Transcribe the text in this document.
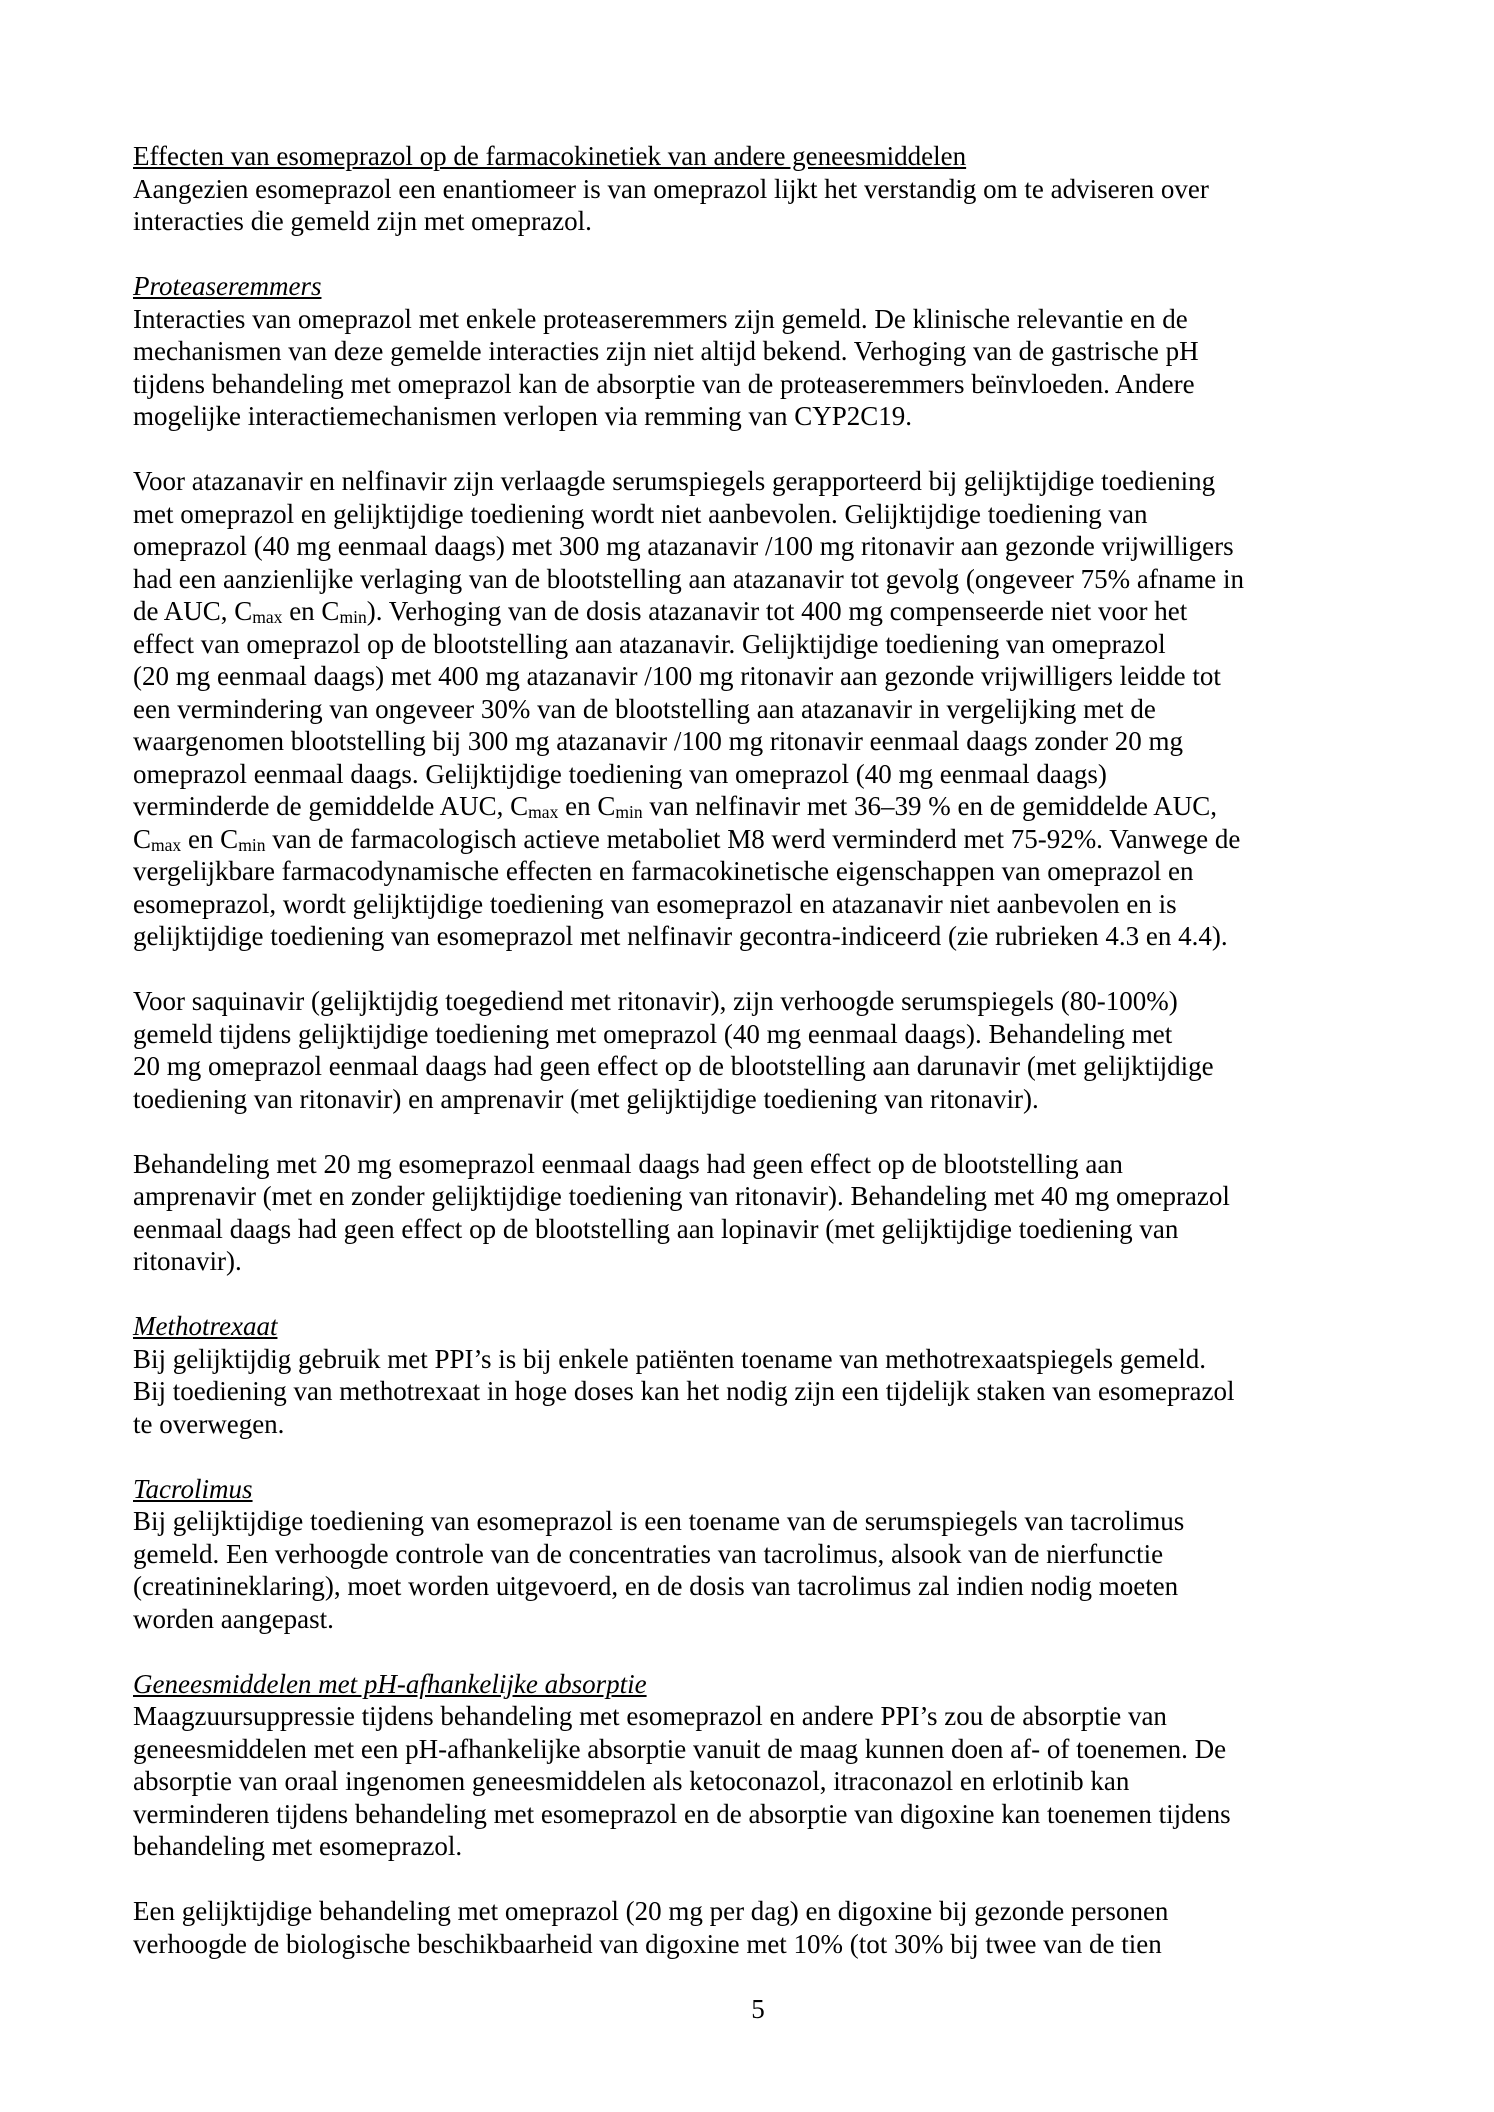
Effecten van esomeprazol op de farmacokinetiek van andere geneesmiddelen
Aangezien esomeprazol een enantiomeer is van omeprazol lijkt het verstandig om te adviseren over
interacties die gemeld zijn met omeprazol.
Proteaseremmers
Interacties van omeprazol met enkele proteaseremmers zijn gemeld. De klinische relevantie en de
mechanismen van deze gemelde interacties zijn niet altijd bekend. Verhoging van de gastrische pH
tijdens behandeling met omeprazol kan de absorptie van de proteaseremmers beïnvloeden. Andere
mogelijke interactiemechanismen verlopen via remming van CYP2C19.
Voor atazanavir en nelfinavir zijn verlaagde serumspiegels gerapporteerd bij gelijktijdige toediening
met omeprazol en gelijktijdige toediening wordt niet aanbevolen. Gelijktijdige toediening van
omeprazol (40 mg eenmaal daags) met 300 mg atazanavir /100 mg ritonavir aan gezonde vrijwilligers
had een aanzienlijke verlaging van de blootstelling aan atazanavir tot gevolg (ongeveer 75% afname in
de AUC, $C_{max}$ en $C_{min}$). Verhoging van de dosis atazanavir tot 400 mg compenseerde niet voor het
effect van omeprazol op de blootstelling aan atazanavir. Gelijktijdige toediening van omeprazol
(20 mg eenmaal daags) met 400 mg atazanavir /100 mg ritonavir aan gezonde vrijwilligers leidde tot
een vermindering van ongeveer 30% van de blootstelling aan atazanavir in vergelijking met de
waargenomen blootstelling bij 300 mg atazanavir /100 mg ritonavir eenmaal daags zonder 20 mg
omeprazol eenmaal daags. Gelijktijdige toediening van omeprazol (40 mg eenmaal daags)
verminderde de gemiddelde AUC, $C_{max}$ en $C_{min}$ van nelfinavir met 36–39 % en de gemiddelde AUC,
$C_{max}$ en $C_{min}$ van de farmacologisch actieve metaboliet M8 werd verminderd met 75-92%. Vanwege de
vergelijkbare farmacodynamische effecten en farmacokinetische eigenschappen van omeprazol en
esomeprazol, wordt gelijktijdige toediening van esomeprazol en atazanavir niet aanbevolen en is
gelijktijdige toediening van esomeprazol met nelfinavir gecontra-indiceerd (zie rubrieken 4.3 en 4.4).
Voor saquinavir (gelijktijdig toegediend met ritonavir), zijn verhoogde serumspiegels (80-100%)
gemeld tijdens gelijktijdige toediening met omeprazol (40 mg eenmaal daags). Behandeling met
20 mg omeprazol eenmaal daags had geen effect op de blootstelling aan darunavir (met gelijktijdige
toediening van ritonavir) en amprenavir (met gelijktijdige toediening van ritonavir).
Behandeling met 20 mg esomeprazol eenmaal daags had geen effect op de blootstelling aan
amprenavir (met en zonder gelijktijdige toediening van ritonavir). Behandeling met 40 mg omeprazol
eenmaal daags had geen effect op de blootstelling aan lopinavir (met gelijktijdige toediening van
ritonavir).
Methotrexaat
Bij gelijktijdig gebruik met PPI’s is bij enkele patiënten toename van methotrexaatspiegels gemeld.
Bij toediening van methotrexaat in hoge doses kan het nodig zijn een tijdelijk staken van esomeprazol
te overwegen.
Tacrolimus
Bij gelijktijdige toediening van esomeprazol is een toename van de serumspiegels van tacrolimus
gemeld. Een verhoogde controle van de concentraties van tacrolimus, alsook van de nierfunctie
(creatinineklaring), moet worden uitgevoerd, en de dosis van tacrolimus zal indien nodig moeten
worden aangepast.
Geneesmiddelen met pH-afhankelijke absorptie
Maagzuursuppressie tijdens behandeling met esomeprazol en andere PPI’s zou de absorptie van
geneesmiddelen met een pH-afhankelijke absorptie vanuit de maag kunnen doen af- of toenemen. De
absorptie van oraal ingenomen geneesmiddelen als ketoconazol, itraconazol en erlotinib kan
verminderen tijdens behandeling met esomeprazol en de absorptie van digoxine kan toenemen tijdens
behandeling met esomeprazol.
Een gelijktijdige behandeling met omeprazol (20 mg per dag) en digoxine bij gezonde personen
verhoogde de biologische beschikbaarheid van digoxine met 10% (tot 30% bij twee van de tien
5
